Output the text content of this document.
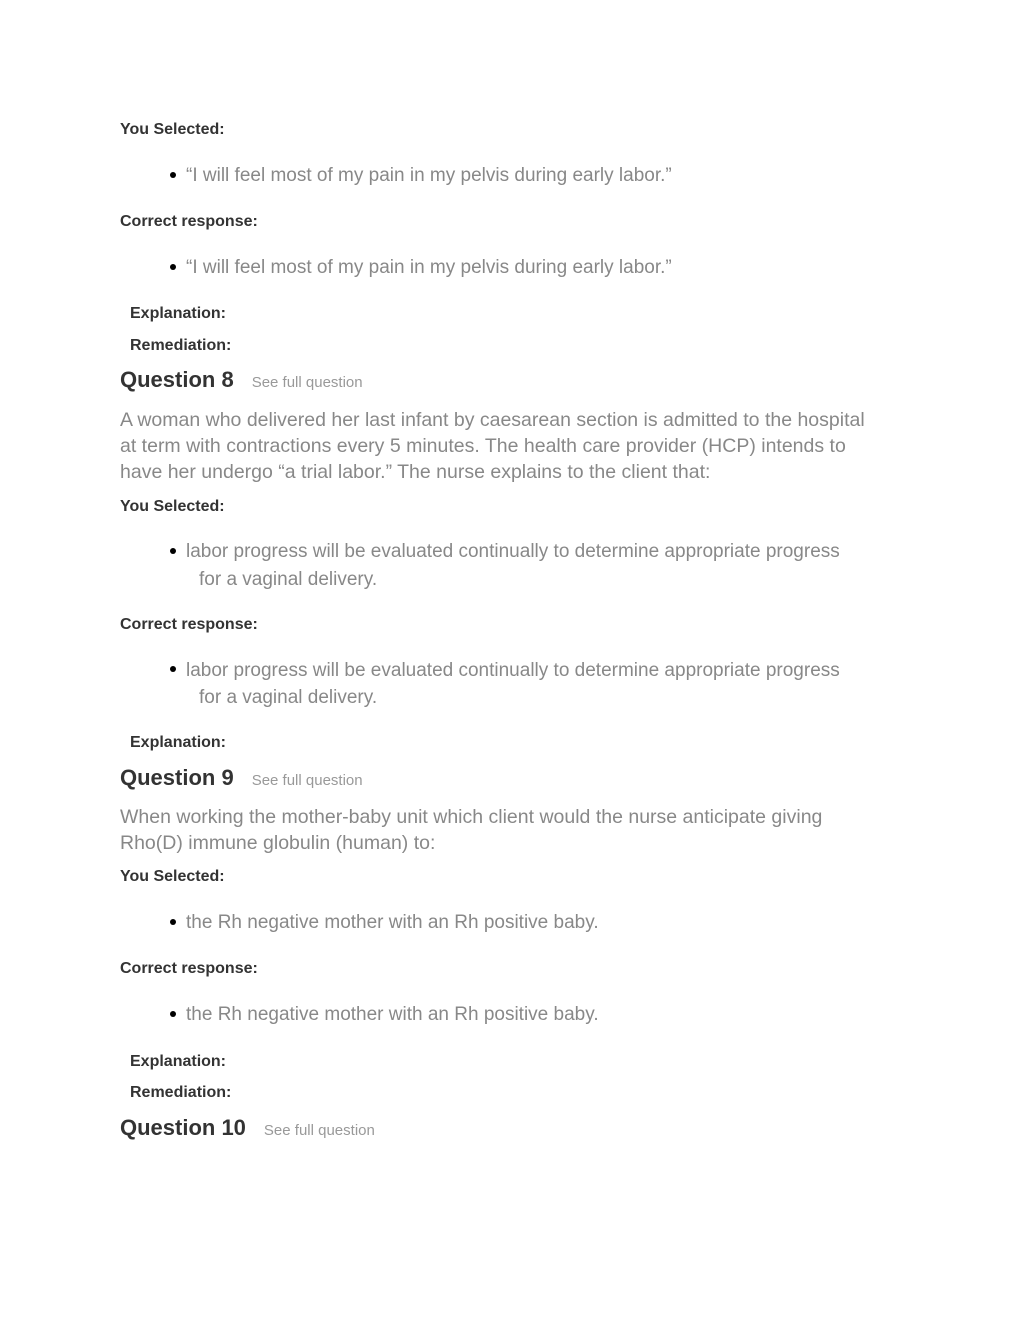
You Selected:
“I will feel most of my pain in my pelvis during early labor.”
Correct response:
“I will feel most of my pain in my pelvis during early labor.”
Explanation:
Remediation:
Question 8 See full question
A woman who delivered her last infant by caesarean section is admitted to the hospital
at term with contractions every 5 minutes. The health care provider (HCP) intends to
have her undergo “a trial labor.” The nurse explains to the client that:
You Selected:
labor progress will be evaluated continually to determine appropriate progress
for a vaginal delivery.
Correct response:
labor progress will be evaluated continually to determine appropriate progress
for a vaginal delivery.
Explanation:
Question 9 See full question
When working the mother-baby unit which client would the nurse anticipate giving
Rho(D) immune globulin (human) to:
You Selected:
the Rh negative mother with an Rh positive baby.
Correct response:
the Rh negative mother with an Rh positive baby.
Explanation:
Remediation:
Question 10 See full question
